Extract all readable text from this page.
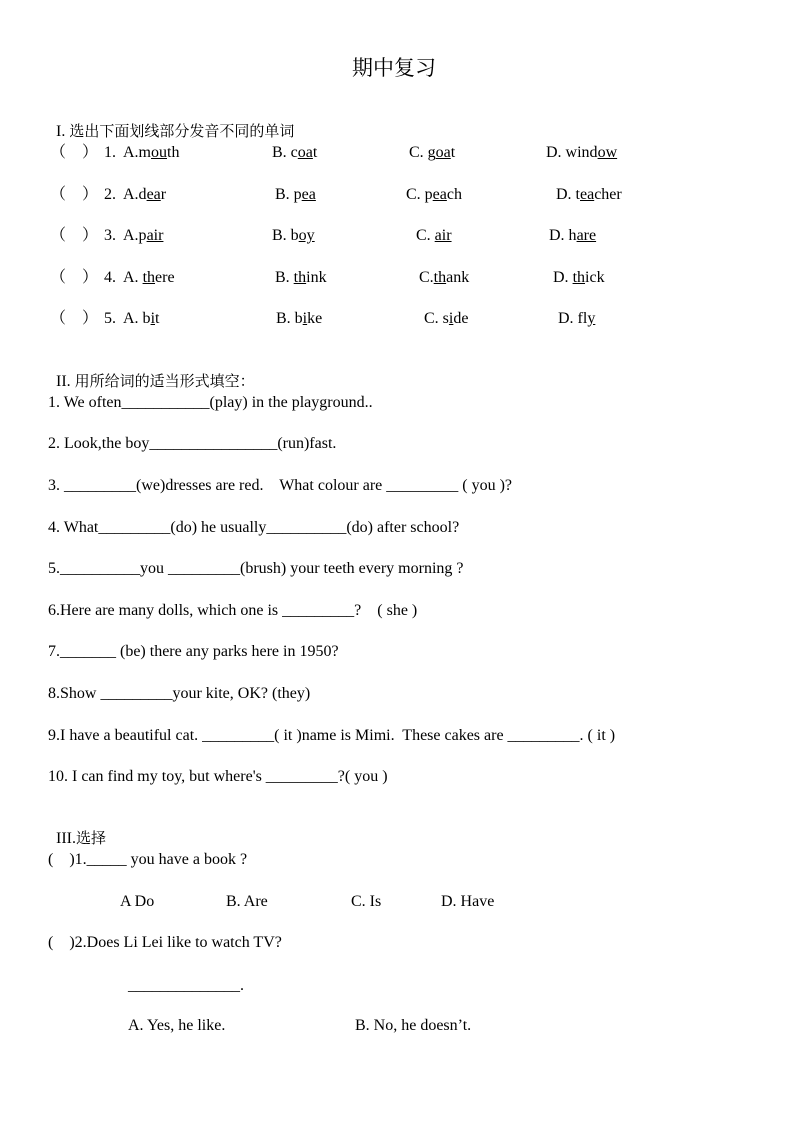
期中复习

I. 选出下面划线部分发音不同的单词

（　） 1. A.mouth	B. coat	C. goat	D. window
（　） 2. A.dear	B. pea	C. peach	D. teacher
（　） 3. A.pair	B. boy	C. air	D. hare
（　） 4. A. there	B. think	C.thank	D. thick
（　） 5. A. bit	B. bike	C. side	D. fly

II. 用所给词的适当形式填空：

1. We often___________(play) in the playground..
2. Look,the boy________________(run)fast.
3. _________(we)dresses are red.    What colour are _________ ( you )?
4. What_________(do) he usually__________(do) after school?
5.__________you _________(brush) your teeth every morning ?
6.Here are many dolls, which one is _________?    ( she )
7._______ (be) there any parks here in 1950?
8.Show _________your kite, OK? (they)
9.I have a beautiful cat. _________( it )name is Mimi.  These cakes are _________. ( it )
10. I can find my toy, but where's _________?( you )

III.选择

(    )1._____ you have a book ?
A Do	B. Are	C. Is	D. Have
(    )2.Does Li Lei like to watch TV?
______________.
A. Yes, he like.	B. No, he doesn’t.
